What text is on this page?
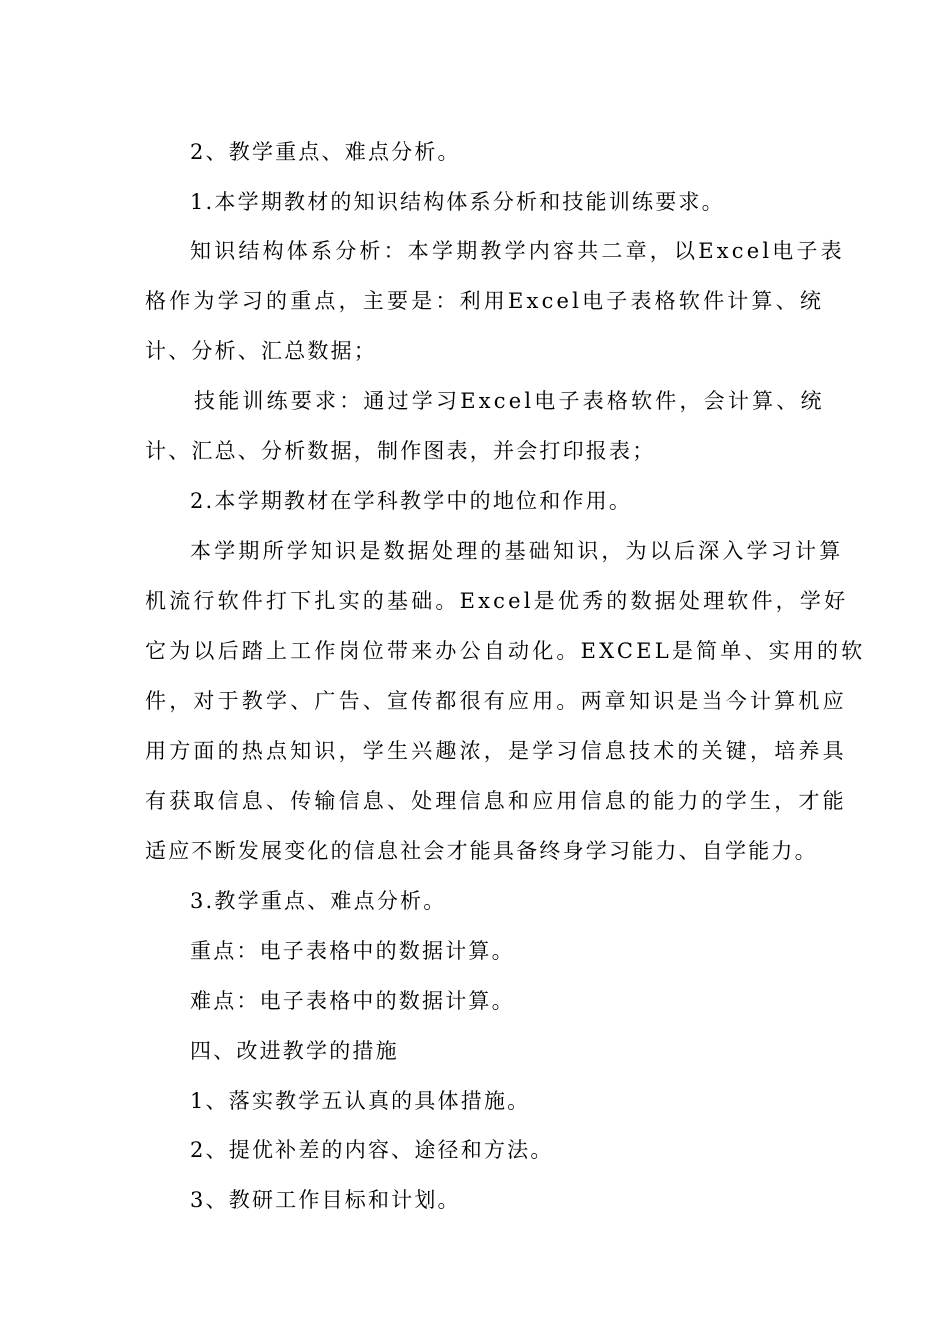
2、教学重点、难点分析。
1.本学期教材的知识结构体系分析和技能训练要求。
知识结构体系分析：本学期教学内容共二章，以Excel电子表
格作为学习的重点，主要是：利用Excel电子表格软件计算、统
计、分析、汇总数据；
技能训练要求：通过学习Excel电子表格软件，会计算、统
计、汇总、分析数据，制作图表，并会打印报表；
2.本学期教材在学科教学中的地位和作用。
本学期所学知识是数据处理的基础知识，为以后深入学习计算
机流行软件打下扎实的基础。Excel是优秀的数据处理软件，学好
它为以后踏上工作岗位带来办公自动化。EXCEL是简单、实用的软
件，对于教学、广告、宣传都很有应用。两章知识是当今计算机应
用方面的热点知识，学生兴趣浓，是学习信息技术的关键，培养具
有获取信息、传输信息、处理信息和应用信息的能力的学生，才能
适应不断发展变化的信息社会才能具备终身学习能力、自学能力。
3.教学重点、难点分析。
重点：电子表格中的数据计算。
难点：电子表格中的数据计算。
四、改进教学的措施
1、落实教学五认真的具体措施。
2、提优补差的内容、途径和方法。
3、教研工作目标和计划。
